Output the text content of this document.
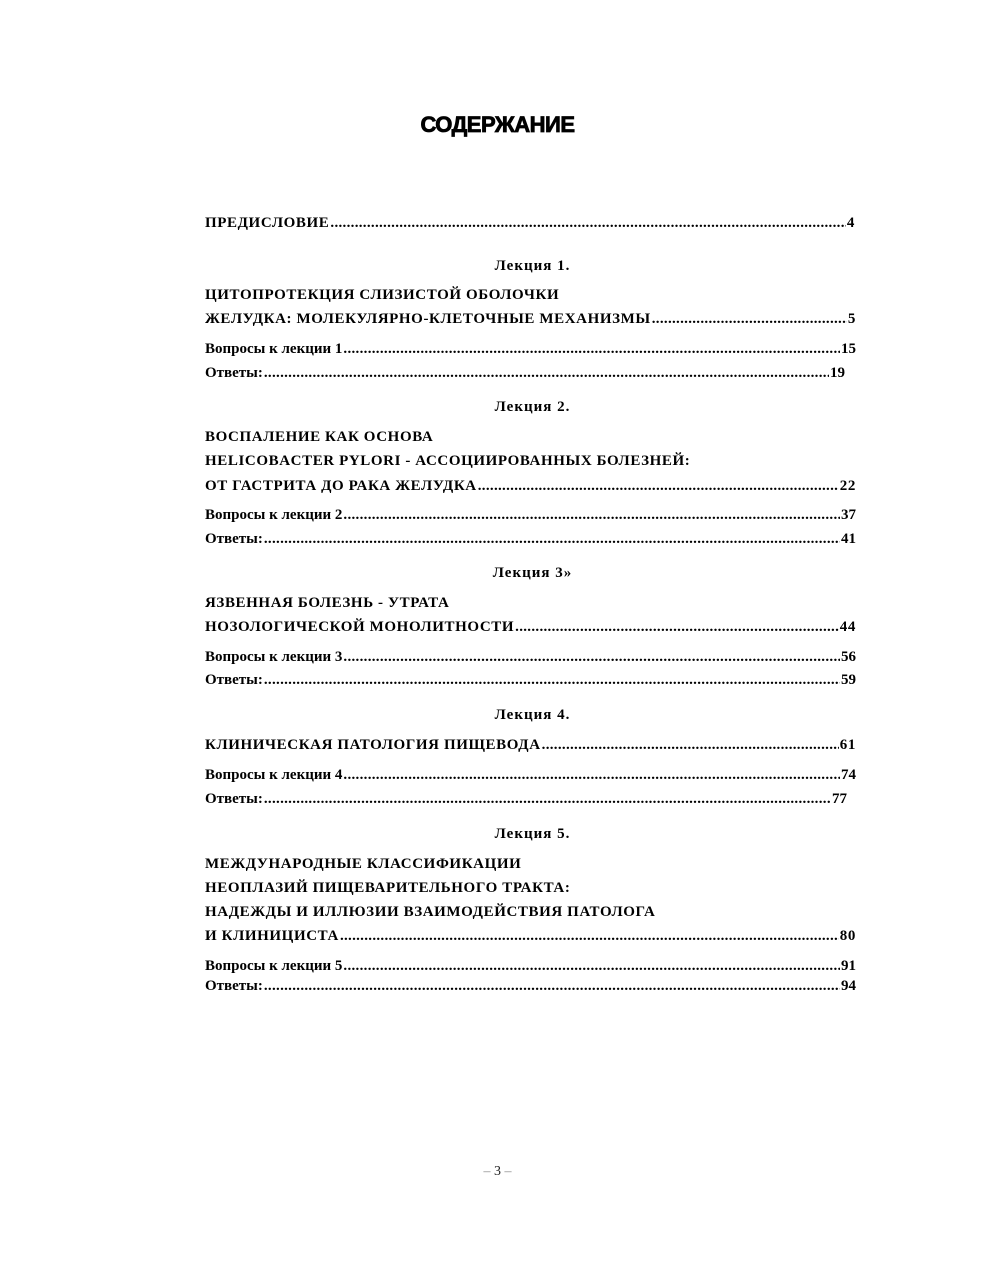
СОДЕРЖАНИЕ
ПРЕДИСЛОВИЕ .....	4
Лекция 1.
ЦИТОПРОТЕКЦИЯ СЛИЗИСТОЙ ОБОЛОЧКИ
ЖЕЛУДКА: МОЛЕКУЛЯРНО-КЛЕТОЧНЫЕ МЕХАНИЗМЫ .....	5
Вопросы к лекции 1 .....	15
Ответы: .....	19
Лекция 2.
ВОСПАЛЕНИЕ КАК ОСНОВА
HELICOBACTER PYLORI - АССОЦИИРОВАННЫХ БОЛЕЗНЕЙ:
ОТ ГАСТРИТА ДО РАКА ЖЕЛУДКА .....	22
Вопросы к лекции 2 .....	37
Ответы: .....	41
Лекция 3»
ЯЗВЕННАЯ БОЛЕЗНЬ - УТРАТА
НОЗОЛОГИЧЕСКОЙ МОНОЛИТНОСТИ .....	44
Вопросы к лекции 3 .....	56
Ответы: .....	59
Лекция 4.
КЛИНИЧЕСКАЯ ПАТОЛОГИЯ ПИЩЕВОДА .....	61
Вопросы к лекции 4 .....	74
Ответы: .....	77
Лекция 5.
МЕЖДУНАРОДНЫЕ КЛАССИФИКАЦИИ
НЕОПЛАЗИЙ ПИЩЕВАРИТЕЛЬНОГО ТРАКТА:
НАДЕЖДЫ И ИЛЛЮЗИИ ВЗАИМОДЕЙСТВИЯ ПАТОЛОГА
И КЛИНИЦИСТА .....	80
Вопросы к лекции 5 .....	91
Ответы: .....	94
– 3 –
